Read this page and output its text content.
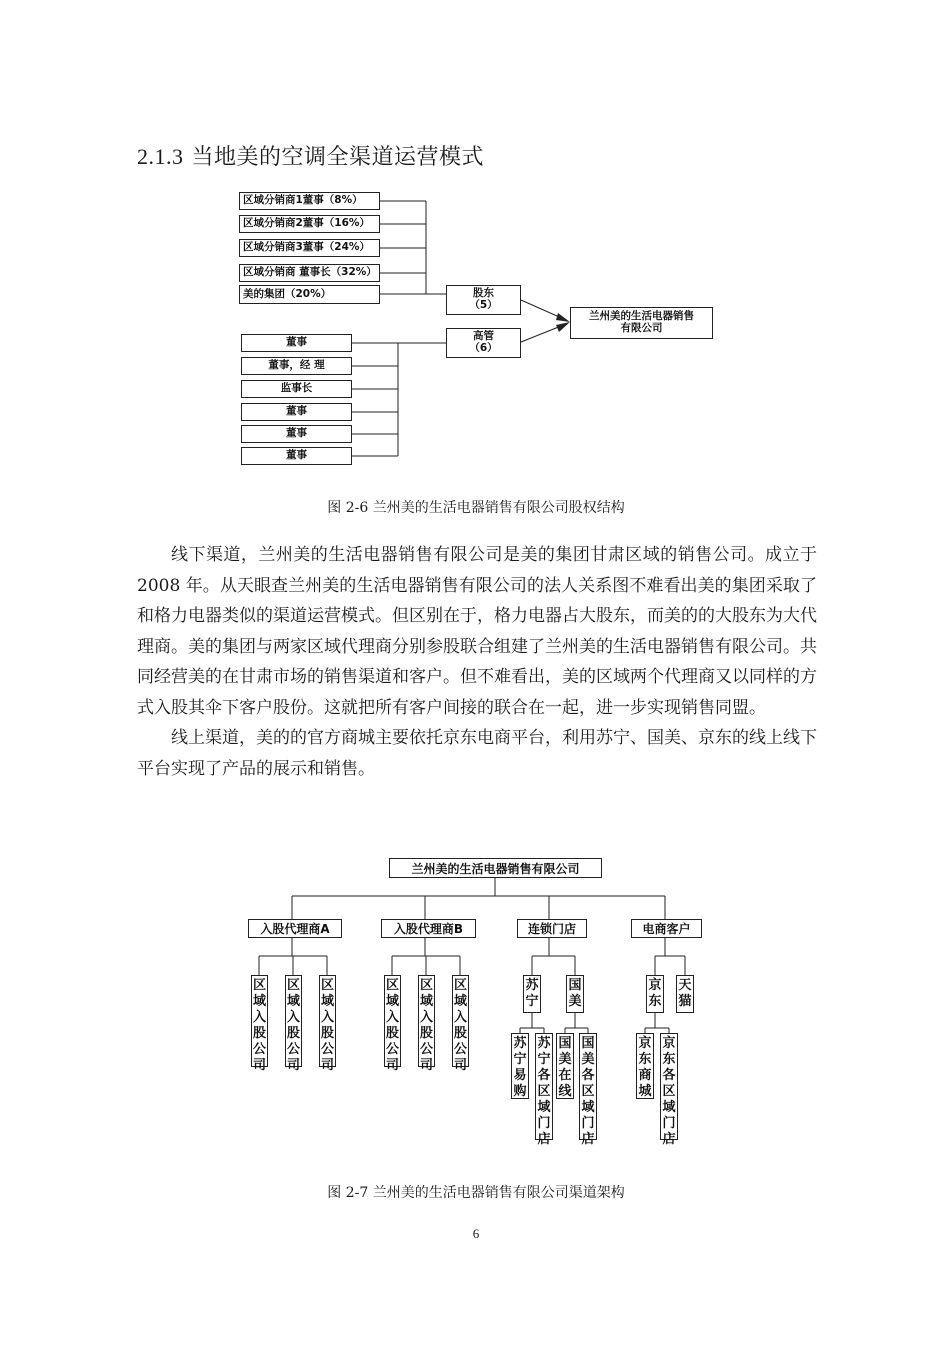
2.1.3 当地美的空调全渠道运营模式
区域分销商1董事（8%）
区域分销商2董事（16%）
区域分销商3董事（24%）
区域分销商 董事长（32%）
美的集团（20%）
董事
董事，经 理
监事长
董事
董事
董事
股东
（5）
高管
（6）
兰州美的生活电器销售
有限公司
图 2-6 兰州美的生活电器销售有限公司股权结构

线下渠道，兰州美的生活电器销售有限公司是美的集团甘肃区域的销售公司。成立于 2008 年。从天眼查兰州美的生活电器销售有限公司的法人关系图不难看出美的集团采取了和格力电器类似的渠道运营模式。但区别在于，格力电器占大股东，而美的的大股东为大代理商。美的集团与两家区域代理商分别参股联合组建了兰州美的生活电器销售有限公司。共同经营美的在甘肃市场的销售渠道和客户。但不难看出，美的区域两个代理商又以同样的方式入股其伞下客户股份。这就把所有客户间接的联合在一起，进一步实现销售同盟。

线上渠道，美的的官方商城主要依托京东电商平台，利用苏宁、国美、京东的线上线下平台实现了产品的展示和销售。

兰州美的生活电器销售有限公司
入股代理商A	入股代理商B	连锁门店	电商客户
区
域
入
股
公
司
区
域
入
股
公
司
区
域
入
股
公
司
区
域
入
股
公
司
区
域
入
股
公
司
区
域
入
股
公
司
苏
宁
国
美
京
东
天
猫
苏
宁
易
购
苏
宁
各
区
域
门
店
国
美
在
线
国
美
各
区
域
门
店
京
东
商
城
京
东
各
区
域
门
店
图 2-7 兰州美的生活电器销售有限公司渠道架构
6
